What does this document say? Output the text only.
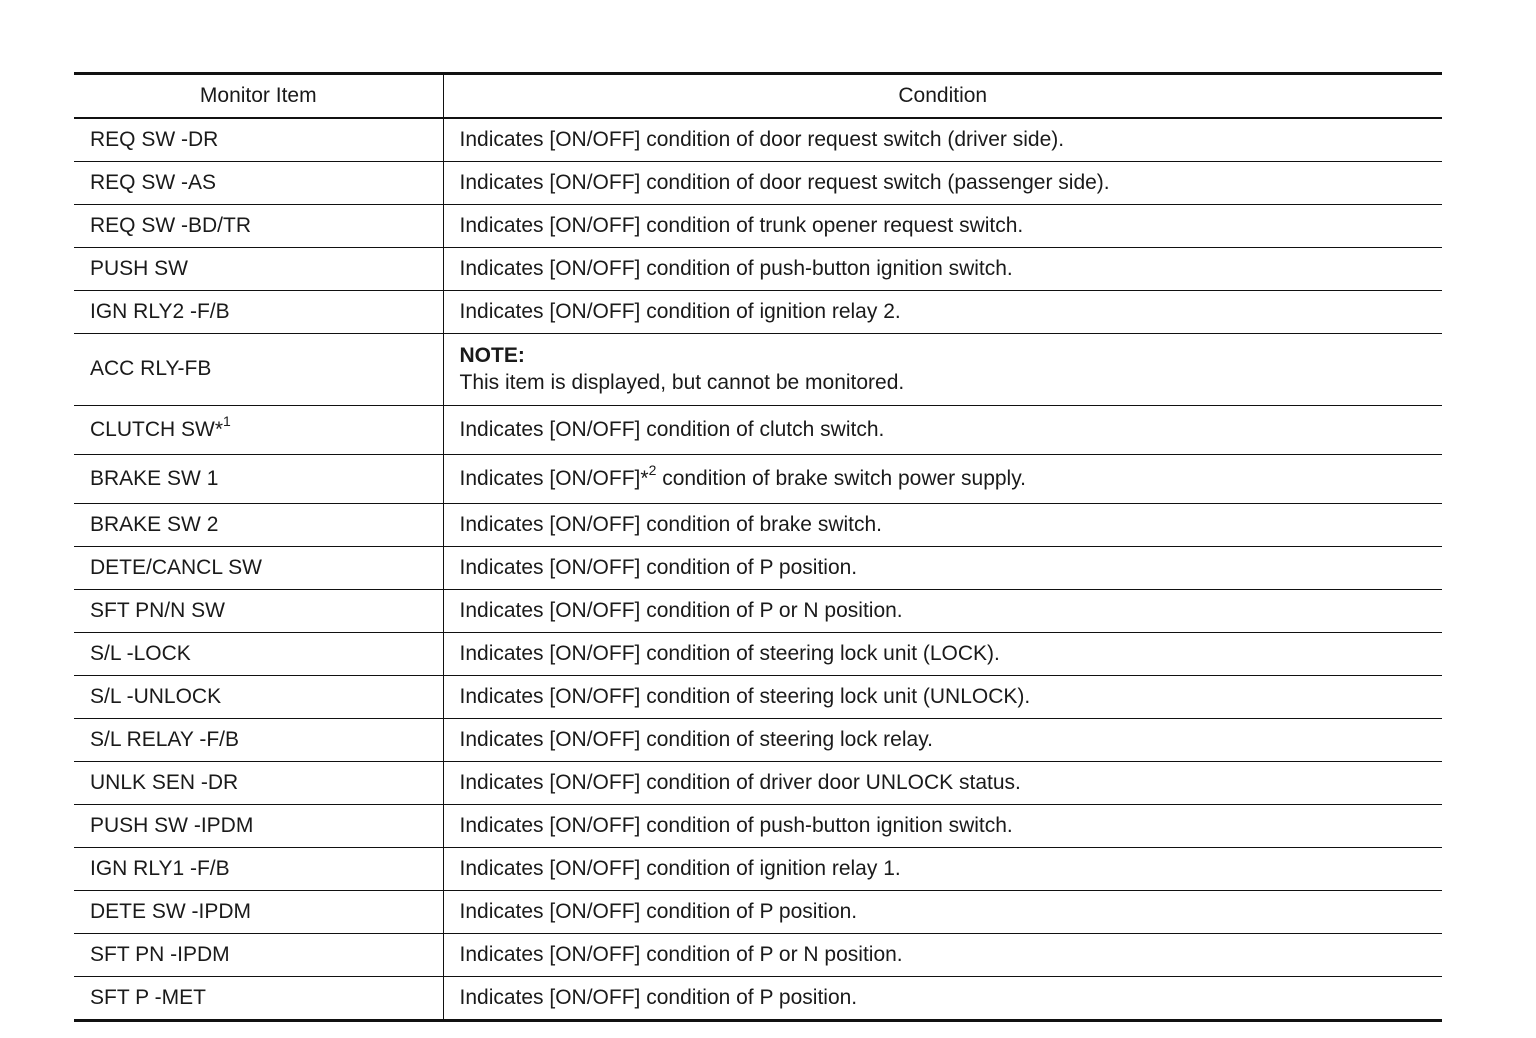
Monitor Item	Condition
REQ SW -DR	Indicates [ON/OFF] condition of door request switch (driver side).
REQ SW -AS	Indicates [ON/OFF] condition of door request switch (passenger side).
REQ SW -BD/TR	Indicates [ON/OFF] condition of trunk opener request switch.
PUSH SW	Indicates [ON/OFF] condition of push-button ignition switch.
IGN RLY2 -F/B	Indicates [ON/OFF] condition of ignition relay 2.
ACC RLY-FB	NOTE:
This item is displayed, but cannot be monitored.

CLUTCH SW*$^1$	Indicates [ON/OFF] condition of clutch switch.
BRAKE SW 1	Indicates [ON/OFF]*$^2$ condition of brake switch power supply.
BRAKE SW 2	Indicates [ON/OFF] condition of brake switch.
DETE/CANCL SW	Indicates [ON/OFF] condition of P position.
SFT PN/N SW	Indicates [ON/OFF] condition of P or N position.
S/L -LOCK	Indicates [ON/OFF] condition of steering lock unit (LOCK).
S/L -UNLOCK	Indicates [ON/OFF] condition of steering lock unit (UNLOCK).
S/L RELAY -F/B	Indicates [ON/OFF] condition of steering lock relay.
UNLK SEN -DR	Indicates [ON/OFF] condition of driver door UNLOCK status.
PUSH SW -IPDM	Indicates [ON/OFF] condition of push-button ignition switch.
IGN RLY1 -F/B	Indicates [ON/OFF] condition of ignition relay 1.
DETE SW -IPDM	Indicates [ON/OFF] condition of P position.
SFT PN -IPDM	Indicates [ON/OFF] condition of P or N position.
SFT P -MET	Indicates [ON/OFF] condition of P position.
